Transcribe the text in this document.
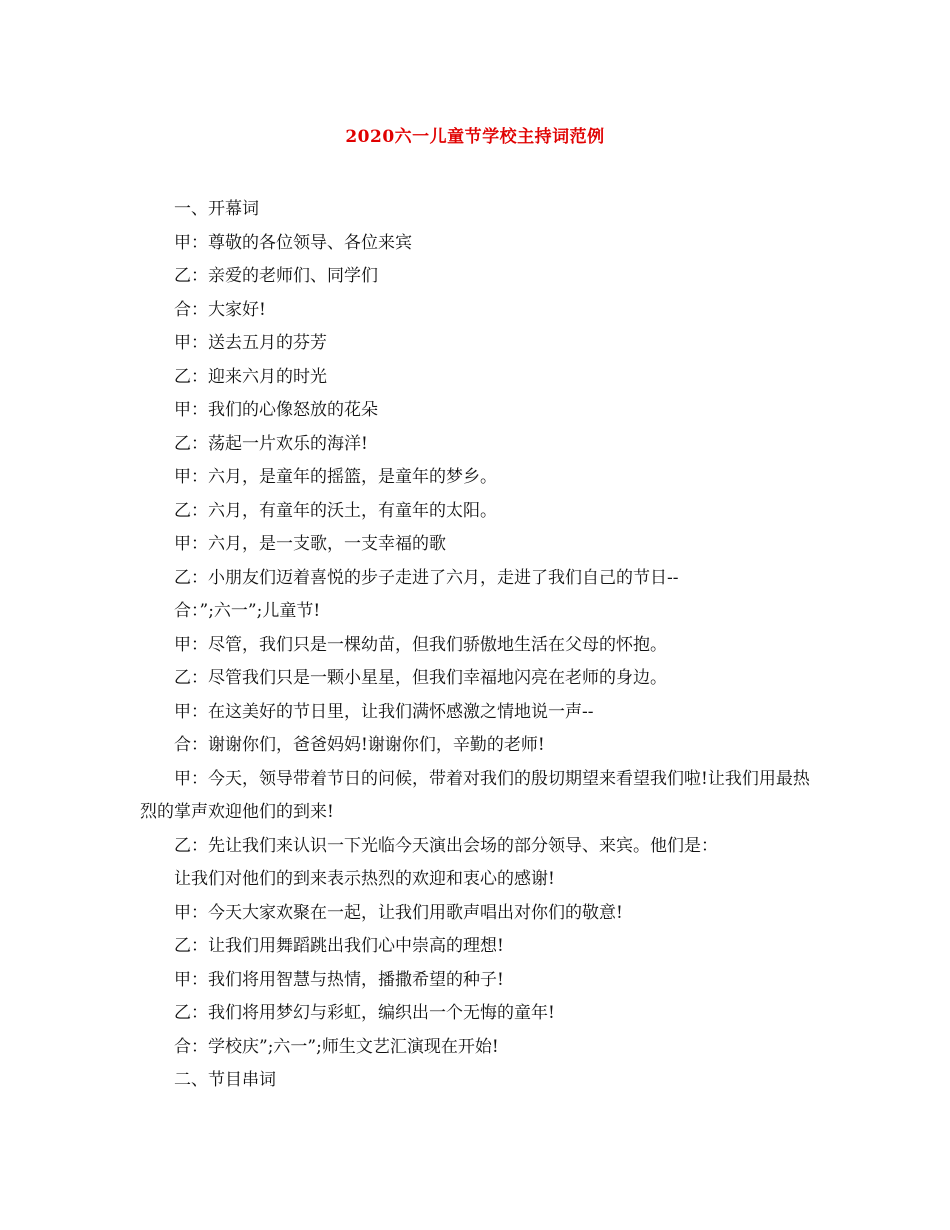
2020六一儿童节学校主持词范例

一、开幕词

甲：尊敬的各位领导、各位来宾

乙：亲爱的老师们、同学们

合：大家好!

甲：送去五月的芬芳

乙：迎来六月的时光

甲：我们的心像怒放的花朵

乙：荡起一片欢乐的海洋!

甲：六月，是童年的摇篮，是童年的梦乡。

乙：六月，有童年的沃土，有童年的太阳。

甲：六月，是一支歌，一支幸福的歌

乙：小朋友们迈着喜悦的步子走进了六月，走进了我们自己的节日--

合：”;六一”;儿童节!

甲：尽管，我们只是一棵幼苗，但我们骄傲地生活在父母的怀抱。

乙：尽管我们只是一颗小星星，但我们幸福地闪亮在老师的身边。

甲：在这美好的节日里，让我们满怀感激之情地说一声--

合：谢谢你们，爸爸妈妈!谢谢你们，辛勤的老师!

甲：今天，领导带着节日的问候，带着对我们的殷切期望来看望我们啦!让我们用最热烈的掌声欢迎他们的到来!

乙：先让我们来认识一下光临今天演出会场的部分领导、来宾。他们是：

让我们对他们的到来表示热烈的欢迎和衷心的感谢!

甲：今天大家欢聚在一起，让我们用歌声唱出对你们的敬意!

乙：让我们用舞蹈跳出我们心中崇高的理想!

甲：我们将用智慧与热情，播撒希望的种子!

乙：我们将用梦幻与彩虹，编织出一个无悔的童年!

合：学校庆”;六一”;师生文艺汇演现在开始!

二、节目串词
